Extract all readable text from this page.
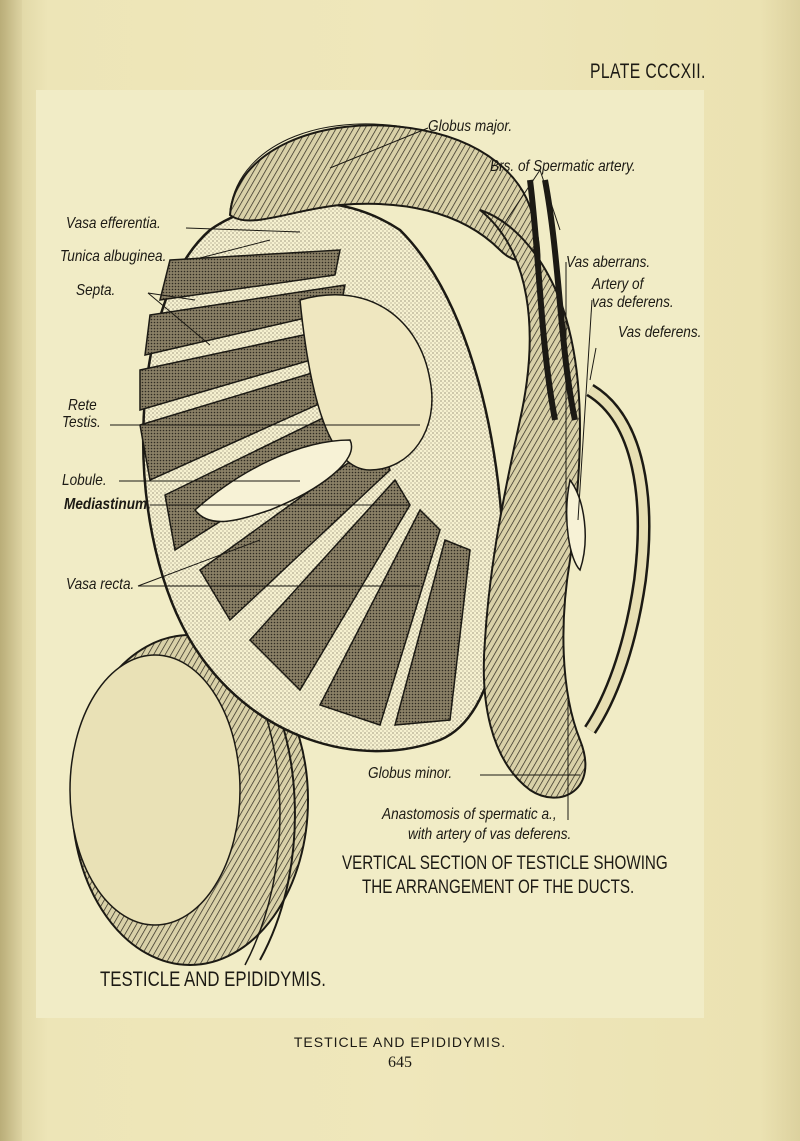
PLATE CCCXII.
Globus major.
Brs. of Spermatic artery.
Vasa efferentia.
Tunica albuginea.
Septa.
Vas aberrans.
Artery of
vas deferens.
Vas deferens.
Rete
Testis.
Lobule.
Mediastinum.
Vasa recta.
Globus minor.
Anastomosis of spermatic a.,
with artery of vas deferens.
VERTICAL SECTION OF TESTICLE SHOWING
THE ARRANGEMENT OF THE DUCTS.
TESTICLE AND EPIDIDYMIS.
TESTICLE AND EPIDIDYMIS.
645
